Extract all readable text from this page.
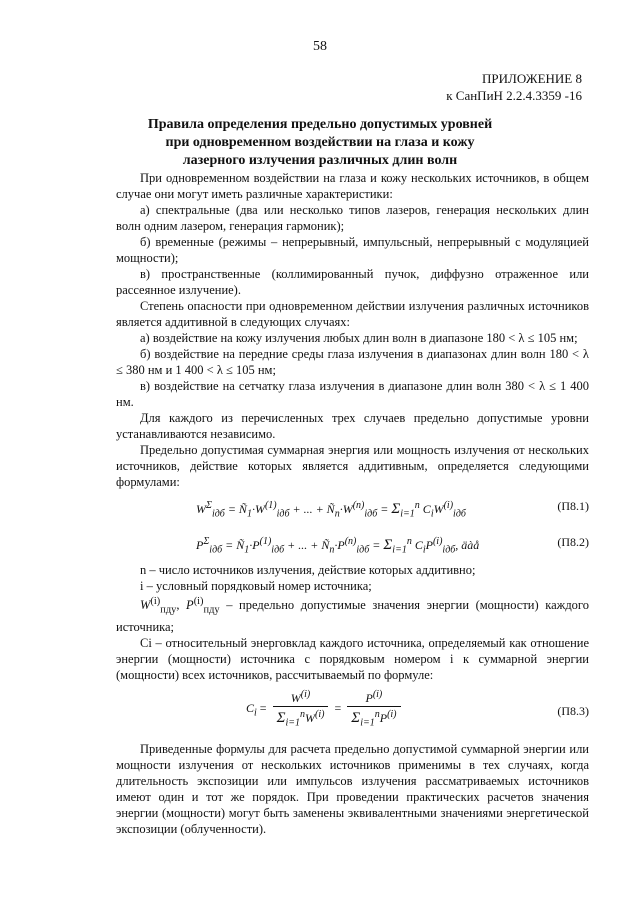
58
ПРИЛОЖЕНИЕ 8
к СанПиН 2.2.4.3359 -16
Правила определения предельно допустимых уровней
при одновременном воздействии на глаза и кожу
лазерного излучения различных длин волн

При одновременном воздействии на глаза и кожу нескольких источников, в общем случае они могут иметь различные характеристики:

а) спектральные (два или несколько типов лазеров, генерация нескольких длин волн одним лазером, генерация гармоник);

б) временные (режимы – непрерывный, импульсный, непрерывный с модуляцией мощности);

в) пространственные (коллимированный пучок, диффузно отраженное или рассеянное излучение).

Степень опасности при одновременном действии излучения различных источников является аддитивной в следующих случаях:

а) воздействие на кожу излучения любых длин волн в диапазоне 180 < λ ≤ 105 нм;

б) воздействие на передние среды глаза излучения в диапазонах длин волн 180 < λ ≤ 380 нм и 1 400 < λ ≤ 105 нм;

в) воздействие на сетчатку глаза излучения в диапазоне длин волн 380 < λ ≤ 1 400 нм.

Для каждого из перечисленных трех случаев предельно допустимые уровни устанавливаются независимо.

Предельно допустимая суммарная энергия или мощность излучения от нескольких источников, действие которых является аддитивным, определяется следующими формулами:

$W^\Sigma_{iдб}$ = $Ñ_1\cdot W^{(1)}_{iдб}$ + ... + $Ñ_n\cdot W^{(n)}_{iдб} = \Sigma_{i=1}^n$ $C_iW^{(i)}_{iдб}$
(П8.1)
$P^\Sigma_{iдб}$ = $Ñ_1\cdot P^{(1)}_{iдб}$ + ... + $Ñ_n\cdot P^{(n)}_{iдб} = \Sigma_{i=1}^n$ $C_iP^{(i)}_{iдб}$, äàå	(П8.2)

n – число источников излучения, действие которых аддитивно;

i – условный порядковый номер источника;

$W^{(i)}_{пду}$, $P^{(i)}_{пду}$ – предельно допустимые значения энергии (мощности) каждого источника;

Ci – относительный энерговклад каждого источника, определяемый как отношение энергии (мощности) источника с порядковым номером i к суммарной энергии (мощности) всех источников, рассчитываемый по формуле:

$C_i = \frac{W^{(i)}}{\Sigma_{i=1}^nW^{(i)}} = \frac{P^{(i)}}{\Sigma_{i=1}^nP^{(i)}}$	(П8.3)

Приведенные формулы для расчета предельно допустимой суммарной энергии или мощности излучения от нескольких источников применимы в тех случаях, когда длительность экспозиции или импульсов излучения рассматриваемых источников имеют один и тот же порядок. При проведении практических расчетов значения энергии (мощности) могут быть заменены эквивалентными значениями энергетической экспозиции (облученности).
